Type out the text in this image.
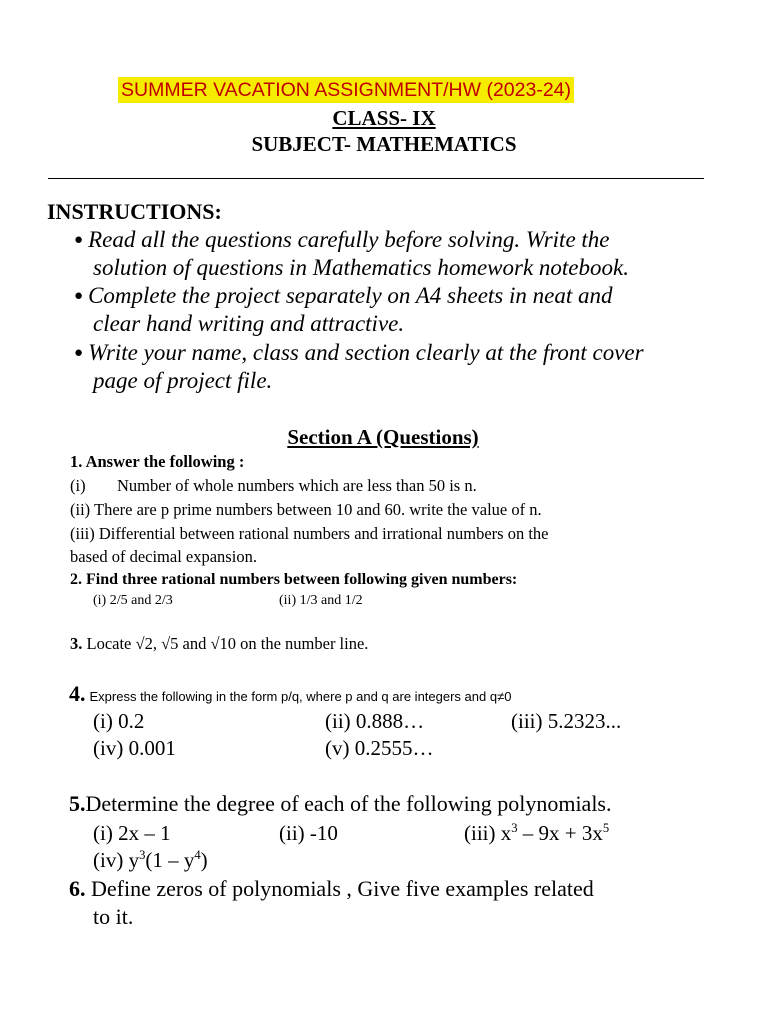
SUMMER VACATION ASSIGNMENT/HW (2023-24)
CLASS- IX
SUBJECT- MATHEMATICS
INSTRUCTIONS:
● Read all the questions carefully before solving. Write the
solution of questions in Mathematics homework notebook.
● Complete the project separately on A4 sheets in neat and
clear hand writing and attractive.
● Write your name, class and section clearly at the front cover
page of project file.
Section A (Questions)
1. Answer the following :
(i) Number of whole numbers which are less than 50 is n.
(ii) There are p prime numbers between 10 and 60. write the value of n.
(iii) Differential between rational numbers and irrational numbers on the
based of decimal expansion.
2. Find three rational numbers between following given numbers:
(i) 2/5 and 2/3	(ii) 1/3 and 1/2
3. Locate √2, √5 and √10 on the number line.
4. Express the following in the form p/q, where p and q are integers and q≠0
(i) 0.2	(ii) 0.888…	(iii) 5.2323...
(iv) 0.001	(v) 0.2555…
5.Determine the degree of each of the following polynomials.
(i) 2x – 1	(ii) -10	(iii) $x^3 - 9x + 3x^5$
(iv) $y^3(1 - y^4)$
6. Define zeros of polynomials , Give five examples related
to it.
